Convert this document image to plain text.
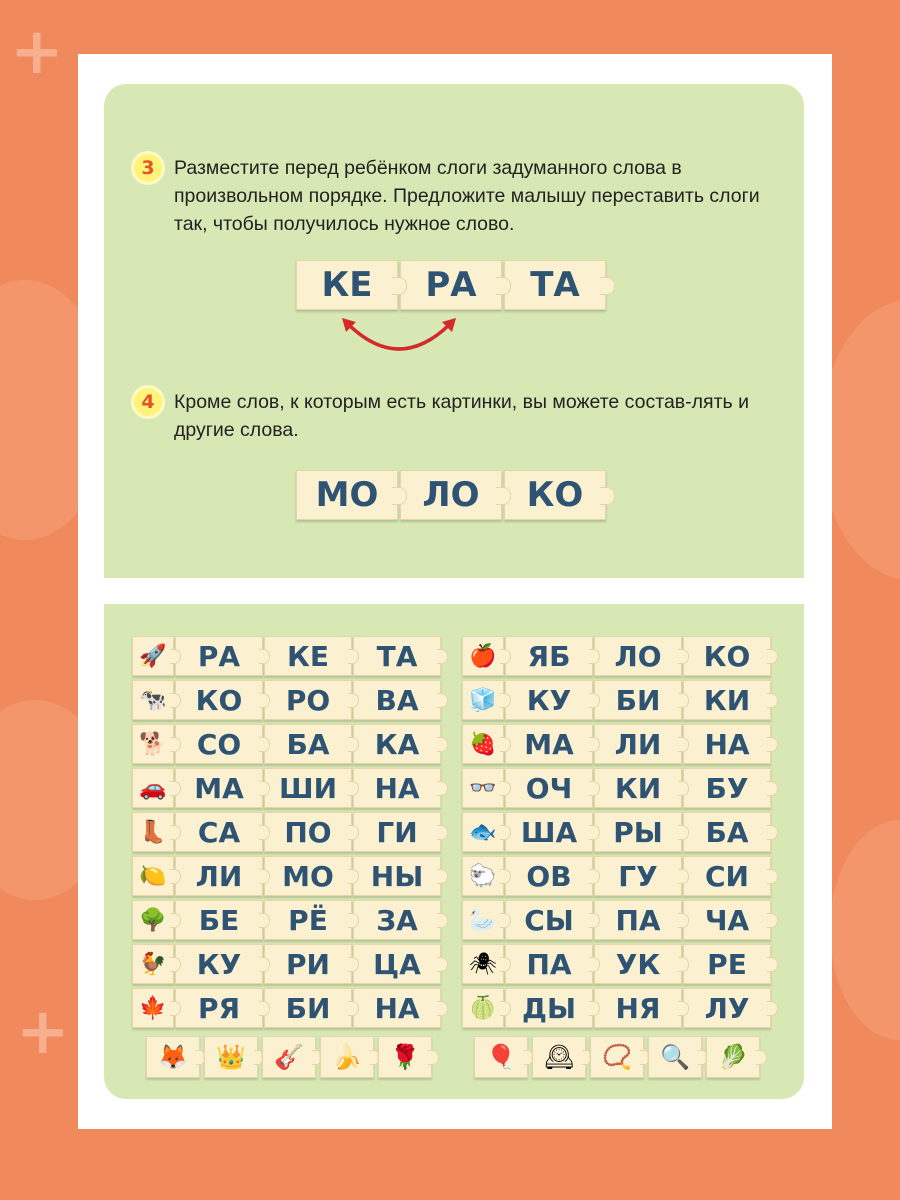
+
+
3 Разместите перед ребёнком слоги задуманного слова в произвольном порядке. Предложите малышу переставить слоги так, чтобы получилось нужное слово.
КЕ	РА	ТА
4 Кроме слов, к которым есть картинки, вы можете состав-лять и другие слова.
МО	ЛО	КО
🚀	РА	КЕ	ТА
🐄	КО	РО	ВА
🐕	СО	БА	КА
🚗 МА	ШИ	НА
👢	СА	ПО	ГИ
🍋	ЛИ	МО	НЫ
🌳	БЕ	РЁ	ЗА
🐓	КУ	РИ	ЦА
🍁	РЯ	БИ	НА
🍎	ЯБ	ЛО	КО
🧊	КУ	БИ	КИ
🍓 МА	ЛИ	НА
👓	ОЧ	КИ	БУ
🐟 ША	РЫ	БА
🐑	ОВ	ГУ	СИ
🦢 СЫ	ПА	ЧА
🕷	ПА	УК	РЕ
🍈 ДЫ	НЯ	ЛУ
🦊	👑	🎸	🍌	🌹	🎈	🕰	📿	🔍	🥬
